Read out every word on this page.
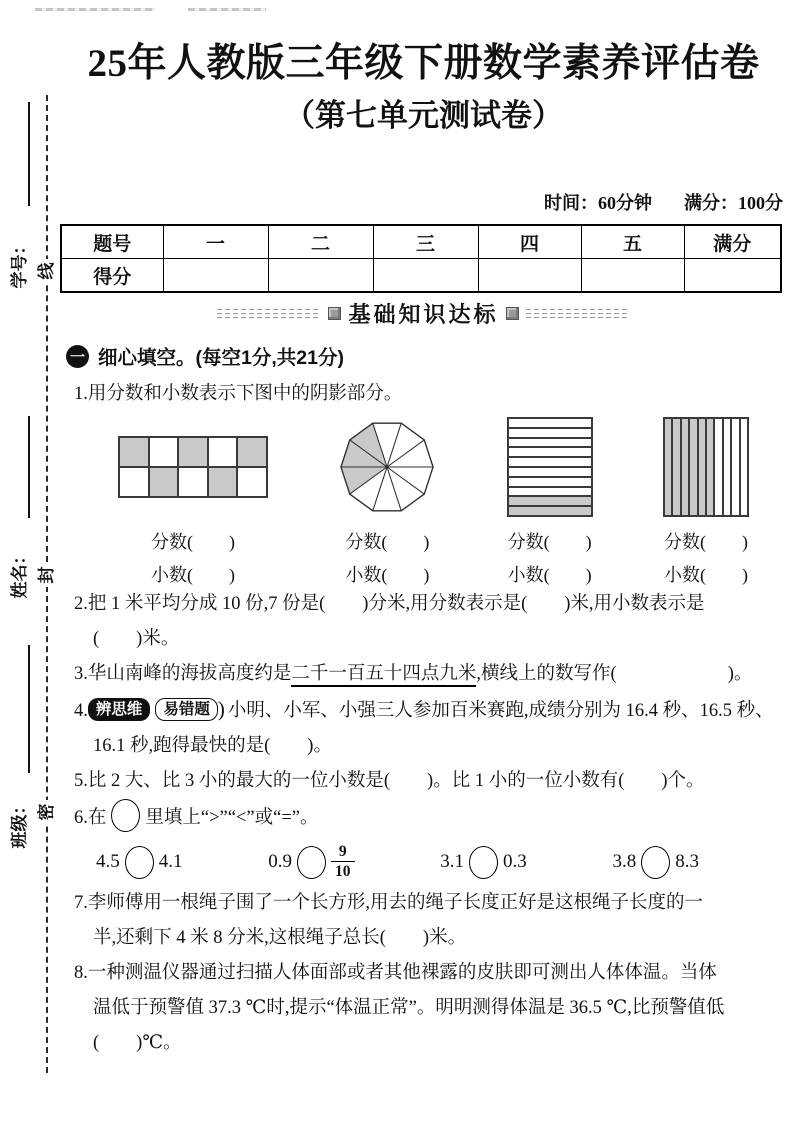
学号：
姓名：
班级：
线
封
密
25年人教版三年级下册数学素养评估卷
（第七单元测试卷）
时间：60分钟 满分：100分
题号	一	二	三	四	五	满分
得分						
基础知识达标
一 细心填空。(每空1分,共21分)
1.用分数和小数表示下图中的阴影部分。
分数(　　)
小数(　　)
分数(　　)
小数(　　)
分数(　　)
小数(　　)
分数(　　)
小数(　　)
2.把 1 米平均分成 10 份,7 份是(　　)分米,用分数表示是(　　)米,用小数表示是
(　　)米。
3.华山南峰的海拔高度约是二千一百五十四点九米,横线上的数写作(　　　　　　)。
4. 辨思维 易错题 ) 小明、小军、小强三人参加百米赛跑,成绩分别为 16.4 秒、16.5 秒、
16.1 秒,跑得最快的是(　　)。
5.比 2 大、比 3 小的最大的一位小数是(　　)。比 1 小的一位小数有(　　)个。
6.在 里填上“>”“<”或“=”。
4.5 4.1	0.9	$\frac{9}{10}$	3.1 0.3	3.8 8.3
7.李师傅用一根绳子围了一个长方形,用去的绳子长度正好是这根绳子长度的一
半,还剩下 4 米 8 分米,这根绳子总长(　　)米。
8.一种测温仪器通过扫描人体面部或者其他裸露的皮肤即可测出人体体温。当体
温低于预警值 37.3 ℃时,提示“体温正常”。明明测得体温是 36.5 ℃,比预警值低
(　　)℃。
